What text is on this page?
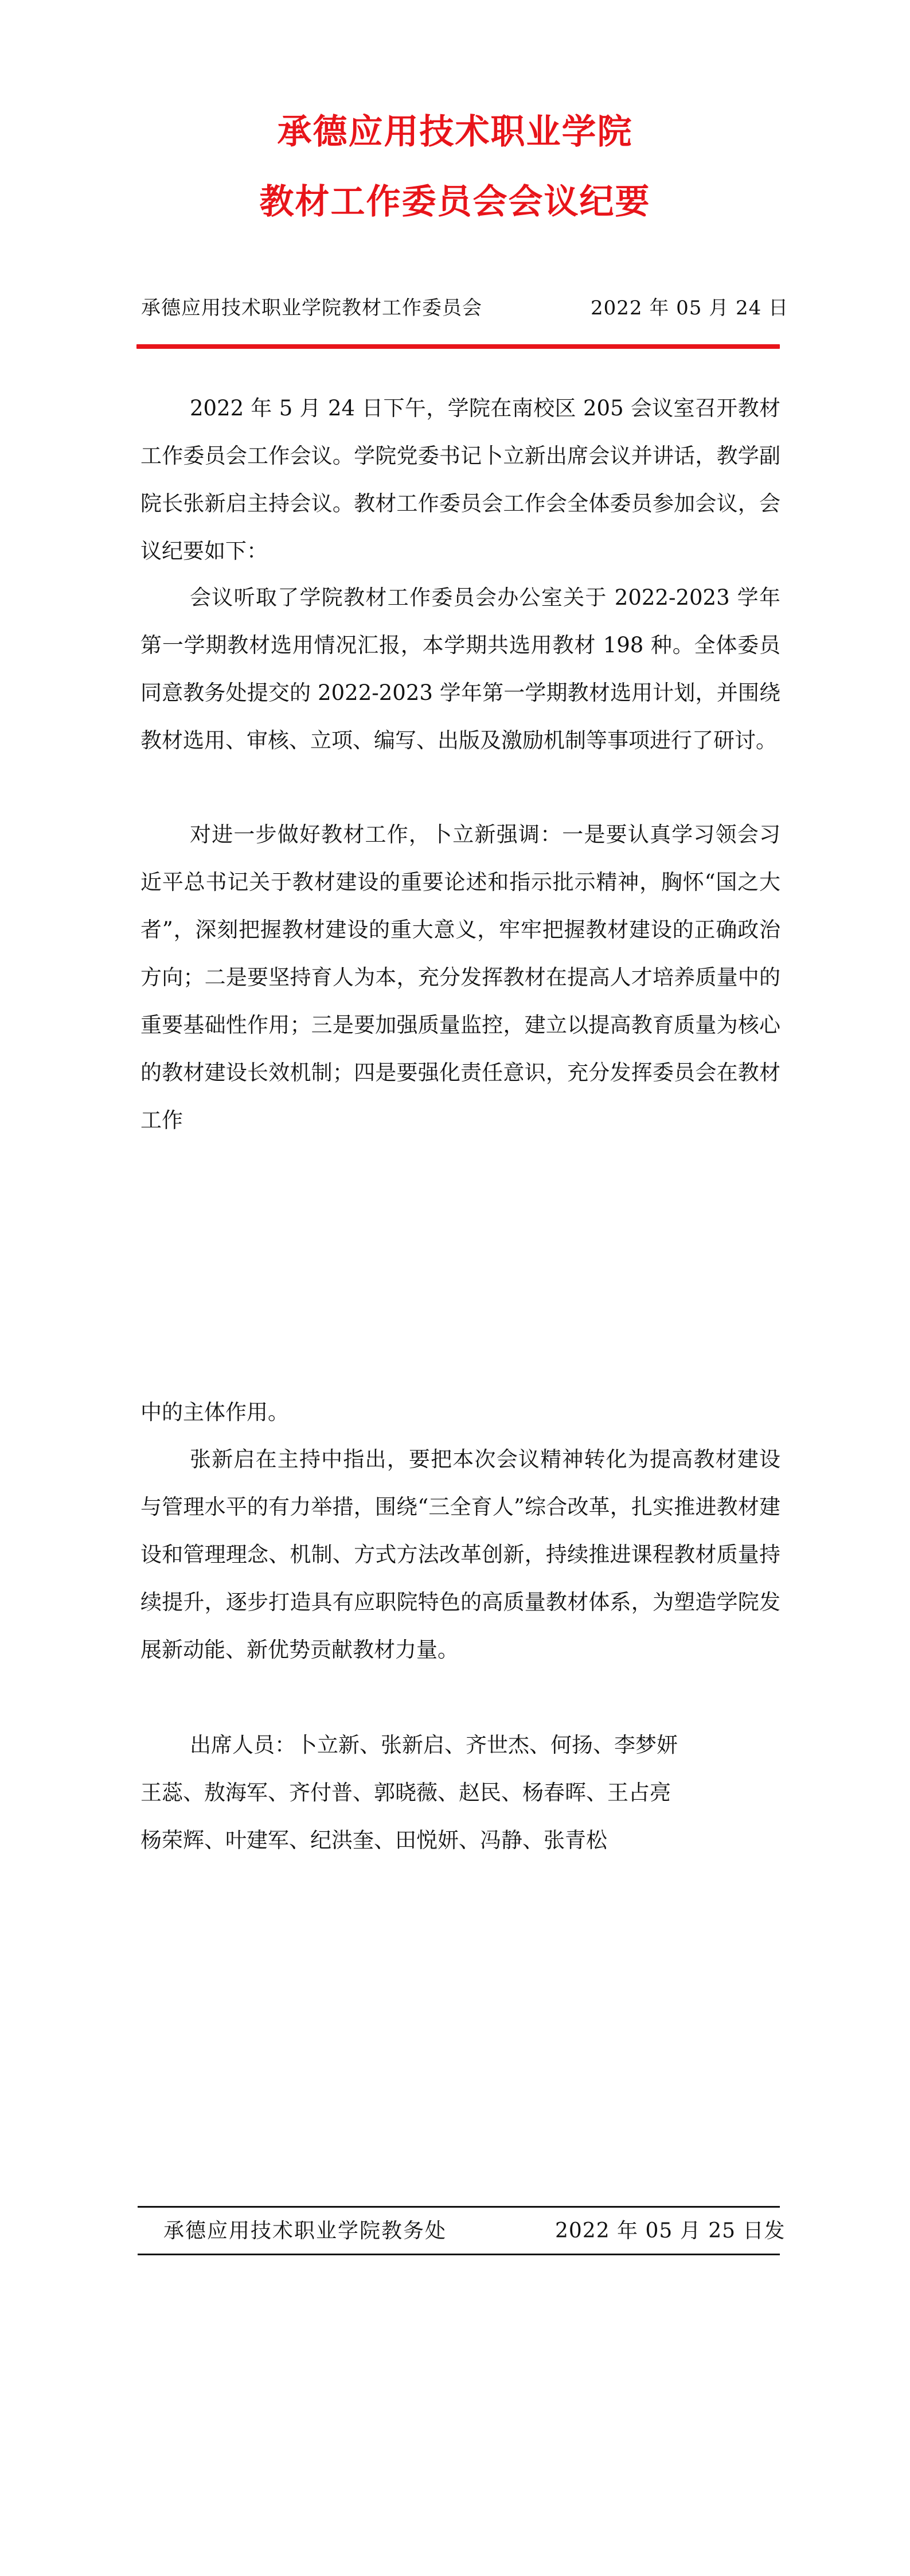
承德应用技术职业学院
教材工作委员会会议纪要
承德应用技术职业学院教材工作委员会	2022 年 05 月 24 日

2022 年 5 月 24 日下午，学院在南校区 205 会议室召开教材工作委员会工作会议。学院党委书记卜立新出席会议并讲话，教学副院长张新启主持会议。教材工作委员会工作会全体委员参加会议，会议纪要如下：

会议听取了学院教材工作委员会办公室关于 2022-2023 学年第一学期教材选用情况汇报，本学期共选用教材 198 种。全体委员同意教务处提交的 2022-2023 学年第一学期教材选用计划，并围绕教材选用、审核、立项、编写、出版及激励机制等事项进行了研讨。

对进一步做好教材工作，卜立新强调：一是要认真学习领会习近平总书记关于教材建设的重要论述和指示批示精神，胸怀“国之大者”，深刻把握教材建设的重大意义，牢牢把握教材建设的正确政治方向；二是要坚持育人为本，充分发挥教材在提高人才培养质量中的重要基础性作用；三是要加强质量监控，建立以提高教育质量为核心的教材建设长效机制；四是要强化责任意识，充分发挥委员会在教材工作

中的主体作用。

张新启在主持中指出，要把本次会议精神转化为提高教材建设与管理水平的有力举措，围绕“三全育人”综合改革，扎实推进教材建设和管理理念、机制、方式方法改革创新，持续推进课程教材质量持续提升，逐步打造具有应职院特色的高质量教材体系，为塑造学院发展新动能、新优势贡献教材力量。

出席人员：卜立新、张新启、齐世杰、何扬、李梦妍
王蕊、敖海军、齐付普、郭晓薇、赵民、杨春晖、王占亮
杨荣辉、叶建军、纪洪奎、田悦妍、冯静、张青松
承德应用技术职业学院教务处	2022 年 05 月 25 日发
